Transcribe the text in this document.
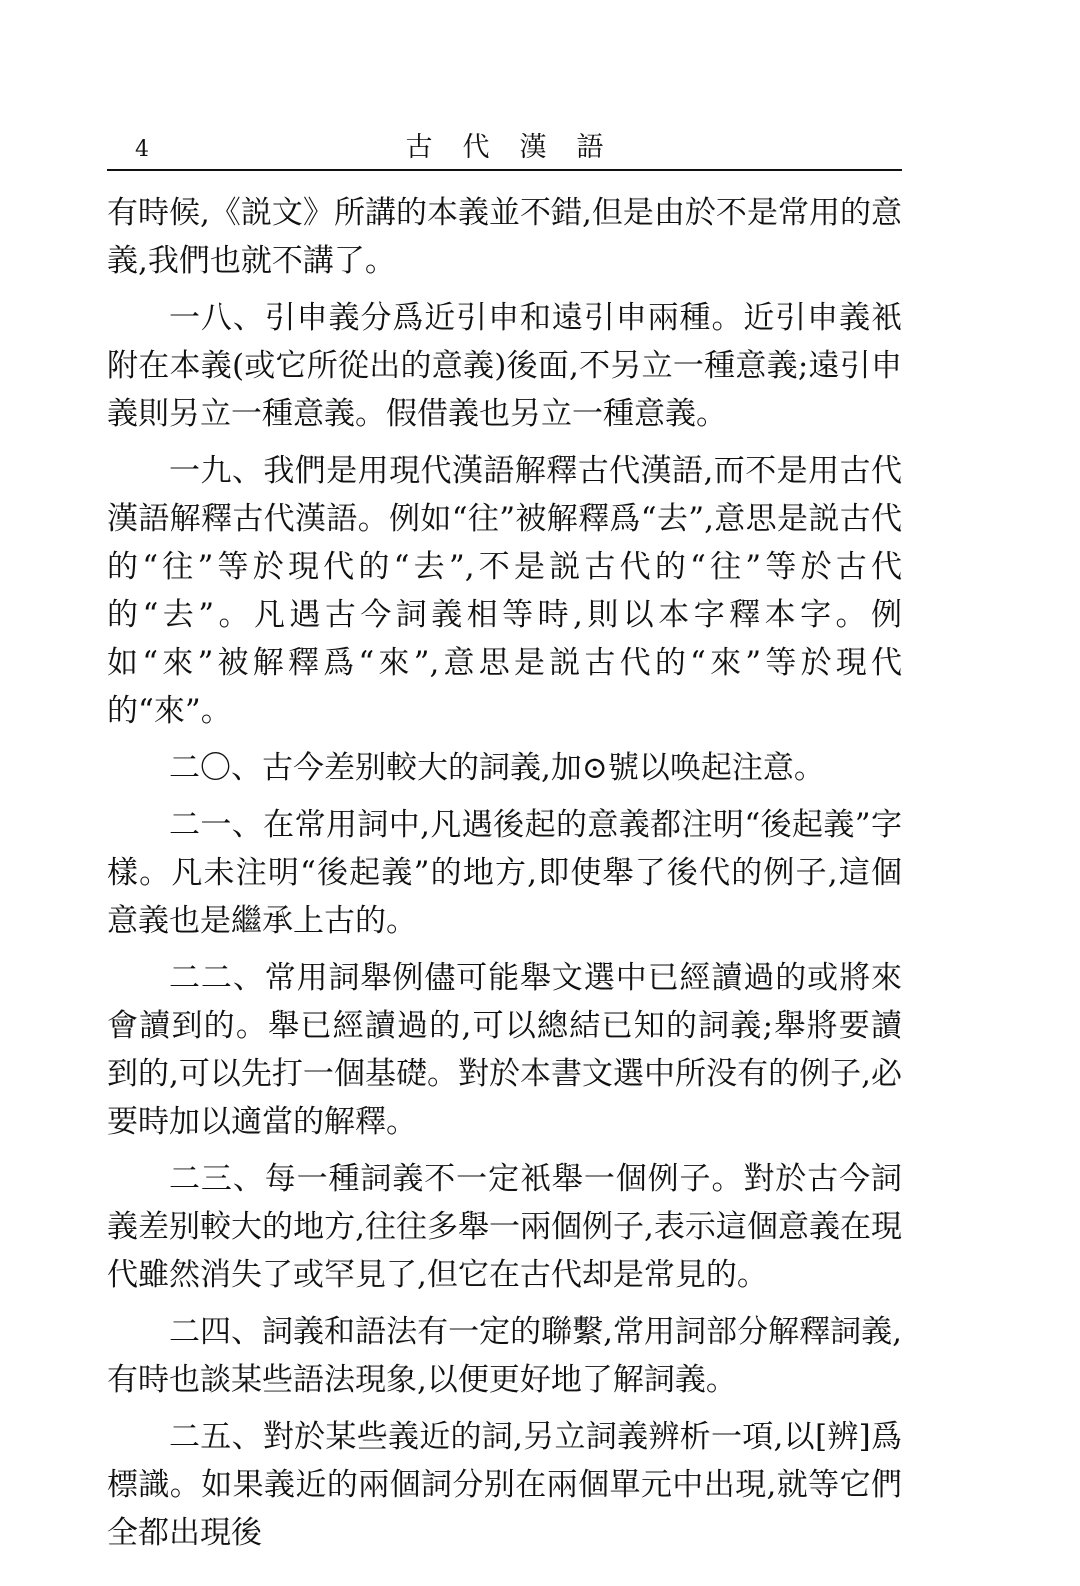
4	古代漢語

有時候,《説文》所講的本義並不錯,但是由於不是常用的意義,我們也就不講了。

一八、引申義分爲近引申和遠引申兩種。近引申義衹附在本義(或它所從出的意義)後面,不另立一種意義;遠引申義則另立一種意義。假借義也另立一種意義。

一九、我們是用現代漢語解釋古代漢語,而不是用古代漢語解釋古代漢語。例如“往”被解釋爲“去”,意思是説古代的“往”等於現代的“去”,不是説古代的“往”等於古代的“去”。凡遇古今詞義相等時,則以本字釋本字。例如“來”被解釋爲“來”,意思是説古代的“來”等於現代的“來”。

二〇、古今差别較大的詞義,加⊙號以唤起注意。

二一、在常用詞中,凡遇後起的意義都注明“後起義”字樣。凡未注明“後起義”的地方,即使舉了後代的例子,這個意義也是繼承上古的。

二二、常用詞舉例儘可能舉文選中已經讀過的或將來會讀到的。舉已經讀過的,可以總結已知的詞義;舉將要讀到的,可以先打一個基礎。對於本書文選中所没有的例子,必要時加以適當的解釋。

二三、每一種詞義不一定衹舉一個例子。對於古今詞義差别較大的地方,往往多舉一兩個例子,表示這個意義在現代雖然消失了或罕見了,但它在古代却是常見的。

二四、詞義和語法有一定的聯繫,常用詞部分解釋詞義,有時也談某些語法現象,以便更好地了解詞義。

二五、對於某些義近的詞,另立詞義辨析一項,以[辨]爲標識。如果義近的兩個詞分别在兩個單元中出現,就等它們全都出現後
